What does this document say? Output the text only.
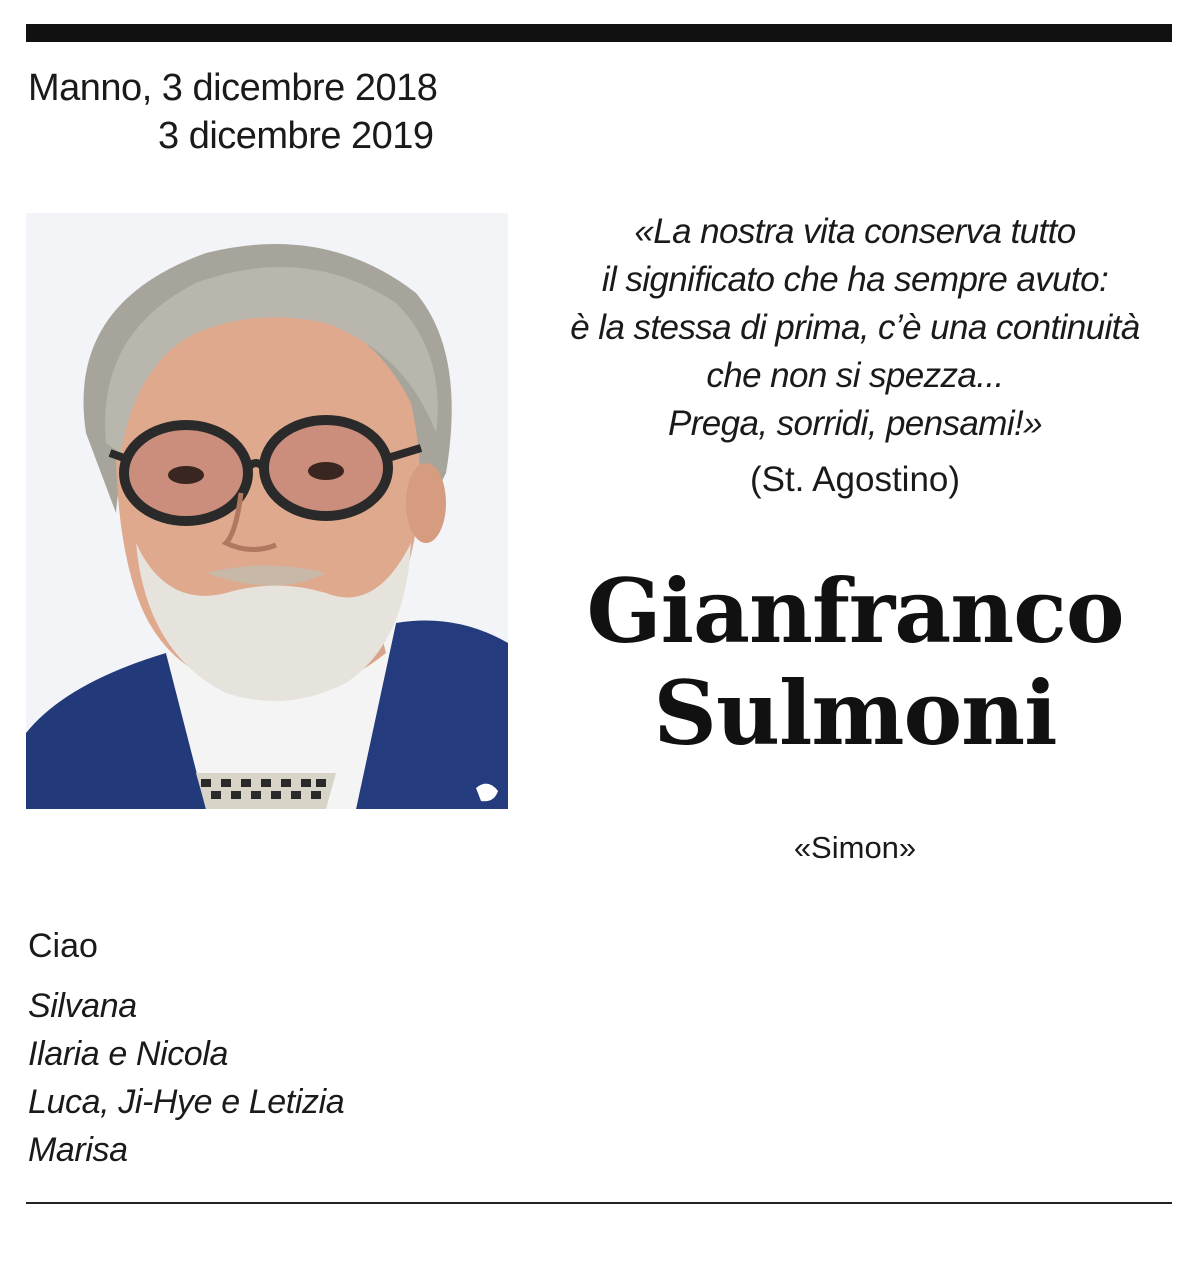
Manno, 3 dicembre 2018
3 dicembre 2019
«La nostra vita conserva tutto
il significato che ha sempre avuto:
è la stessa di prima, c’è una continuità
che non si spezza...
Prega, sorridi, pensami!»
(St. Agostino)
Gianfranco
Sulmoni
«Simon»
Ciao
Silvana
Ilaria e Nicola
Luca, Ji-Hye e Letizia
Marisa
